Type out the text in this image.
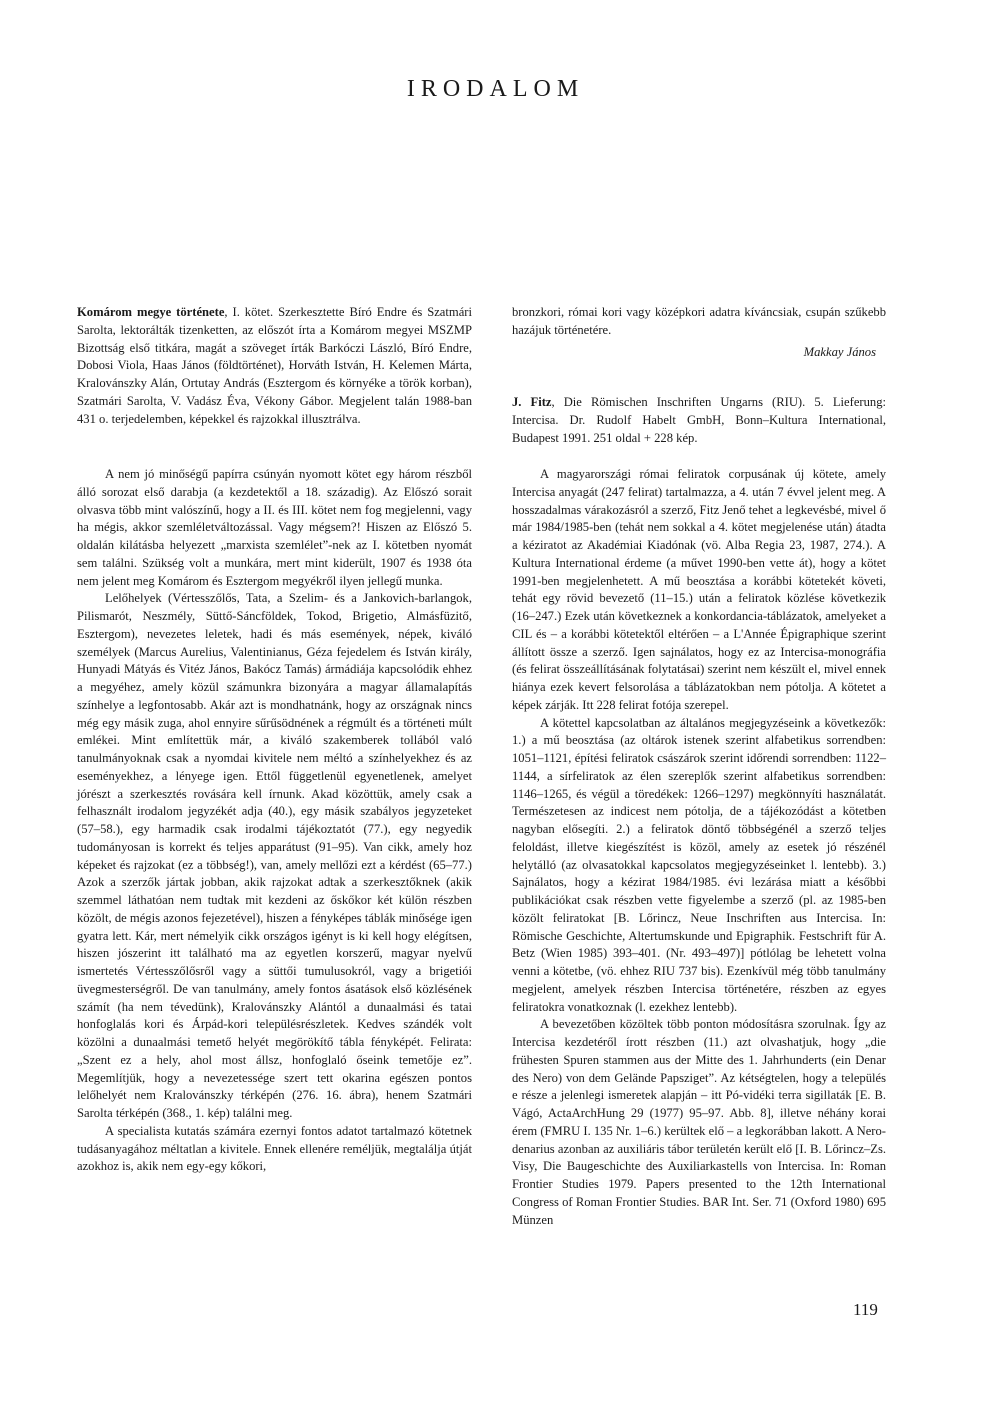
IRODALOM

Komárom megye története, I. kötet. Szerkesztette Bíró Endre és Szatmári Sarolta, lektorálták tizenketten, az előszót írta a Komárom megyei MSZMP Bizottság első titkára, magát a szöveget írták Barkóczi László, Bíró Endre, Dobosi Viola, Haas János (földtörténet), Horváth István, H. Kelemen Márta, Kralovánszky Alán, Ortutay András (Esztergom és környéke a török korban), Szatmári Sarolta, V. Vadász Éva, Vékony Gábor. Megjelent talán 1988-ban 431 o. terjedelemben, képekkel és rajzokkal illusztrálva.

A nem jó minőségű papírra csúnyán nyomott kötet egy három részből álló sorozat első darabja (a kezdetektől a 18. századig). Az Előszó sorait olvasva több mint valószínű, hogy a II. és III. kötet nem fog megjelenni, vagy ha mégis, akkor szemléletváltozással. Vagy mégsem?! Hiszen az Előszó 5. oldalán kilátásba helyezett „marxista szemlélet”-nek az I. kötetben nyomát sem találni. Szükség volt a munkára, mert mint kiderült, 1907 és 1938 óta nem jelent meg Komárom és Esztergom megyékről ilyen jellegű munka.

Lelőhelyek (Vértesszőlős, Tata, a Szelim- és a Jankovich-barlangok, Pilismarót, Neszmély, Süttő-Sáncföldek, Tokod, Brigetio, Almásfüzitő, Esztergom), nevezetes leletek, hadi és más események, népek, kiváló személyek (Marcus Aurelius, Valentinianus, Géza fejedelem és István király, Hunyadi Mátyás és Vitéz János, Bakócz Tamás) ármádiája kapcsolódik ehhez a megyéhez, amely közül számunkra bizonyára a magyar államalapítás színhelye a legfontosabb. Akár azt is mondhatnánk, hogy az országnak nincs még egy másik zuga, ahol ennyire sűrűsödnének a régmúlt és a történeti múlt emlékei. Mint említettük már, a kiváló szakemberek tollából való tanulmányoknak csak a nyomdai kivitele nem méltó a színhelyekhez és az eseményekhez, a lényege igen. Ettől függetlenül egyenetlenek, amelyet jórészt a szerkesztés rovására kell írnunk. Akad közöttük, amely csak a felhasznált irodalom jegyzékét adja (40.), egy másik szabályos jegyzeteket (57–58.), egy harmadik csak irodalmi tájékoztatót (77.), egy negyedik tudományosan is korrekt és teljes apparátust (91–95). Van cikk, amely hoz képeket és rajzokat (ez a többség!), van, amely mellőzi ezt a kérdést (65–77.) Azok a szerzők jártak jobban, akik rajzokat adtak a szerkesztőknek (akik szemmel láthatóan nem tudtak mit kezdeni az őskőkor két külön részben közölt, de mégis azonos fejezetével), hiszen a fényképes táblák minősége igen gyatra lett. Kár, mert némelyik cikk országos igényt is ki kell hogy elégítsen, hiszen jószerint itt található ma az egyetlen korszerű, magyar nyelvű ismertetés Vértesszőlősről vagy a süttői tumulusokról, vagy a brigetiói üvegmesterségről. De van tanulmány, amely fontos ásatások első közlésének számít (ha nem tévedünk), Kralovánszky Alántól a dunaalmási és tatai honfoglalás kori és Árpád-kori településrészletek. Kedves szándék volt közölni a dunaalmási temető helyét megörökítő tábla fényképét. Felirata: „Szent ez a hely, ahol most állsz, honfoglaló őseink temetője ez”. Megemlítjük, hogy a nevezetessége szert tett okarina egészen pontos lelőhelyét nem Kralovánszky térképén (276. 16. ábra), henem Szatmári Sarolta térképén (368., 1. kép) találni meg.

A specialista kutatás számára ezernyi fontos adatot tartalmazó kötetnek tudásanyagához méltatlan a kivitele. Ennek ellenére reméljük, megtalálja útját azokhoz is, akik nem egy-egy kőkori,

bronzkori, római kori vagy középkori adatra kíváncsiak, csupán szűkebb hazájuk történetére.

Makkay János

J. Fitz, Die Römischen Inschriften Ungarns (RIU). 5. Lieferung: Intercisa. Dr. Rudolf Habelt GmbH, Bonn–Kultura International, Budapest 1991. 251 oldal + 228 kép.

A magyarországi római feliratok corpusának új kötete, amely Intercisa anyagát (247 felirat) tartalmazza, a 4. után 7 évvel jelent meg. A hosszadalmas várakozásról a szerző, Fitz Jenő tehet a legkevésbé, mivel ő már 1984/1985-ben (tehát nem sokkal a 4. kötet megjelenése után) átadta a kéziratot az Akadémiai Kiadónak (vö. Alba Regia 23, 1987, 274.). A Kultura International érdeme (a művet 1990-ben vette át), hogy a kötet 1991-ben megjelenhetett. A mű beosztása a korábbi kötetekét követi, tehát egy rövid bevezető (11–15.) után a feliratok közlése következik (16–247.) Ezek után következnek a konkordancia-táblázatok, amelyeket a CIL és – a korábbi kötetektől eltérően – a L'Année Épigraphique szerint állított össze a szerző. Igen sajnálatos, hogy ez az Intercisa-monográfia (és felirat összeállításának folytatásai) szerint nem készült el, mivel ennek hiánya ezek kevert felsorolása a táblázatokban nem pótolja. A kötetet a képek zárják. Itt 228 felirat fotója szerepel.

A kötettel kapcsolatban az általános megjegyzéseink a következők: 1.) a mű beosztása (az oltárok istenek szerint alfabetikus sorrendben: 1051–1121, építési feliratok császárok szerint időrendi sorrendben: 1122–1144, a sírfeliratok az élen szereplők szerint alfabetikus sorrendben: 1146–1265, és végül a töredékek: 1266–1297) megkönnyíti használatát. Természetesen az indicest nem pótolja, de a tájékozódást a kötetben nagyban elősegíti. 2.) a feliratok döntő többségénél a szerző teljes feloldást, illetve kiegészítést is közöl, amely az esetek jó részénél helytálló (az olvasatokkal kapcsolatos megjegyzéseinket l. lentebb). 3.) Sajnálatos, hogy a kézirat 1984/1985. évi lezárása miatt a későbbi publikációkat csak részben vette figyelembe a szerző (pl. az 1985-ben közölt feliratokat [B. Lőrincz, Neue Inschriften aus Intercisa. In: Römische Geschichte, Altertumskunde und Epigraphik. Festschrift für A. Betz (Wien 1985) 393–401. (Nr. 493–497)] pótlólag be lehetett volna venni a kötetbe, (vö. ehhez RIU 737 bis). Ezenkívül még több tanulmány megjelent, amelyek részben Intercisa történetére, részben az egyes feliratokra vonatkoznak (l. ezekhez lentebb).

A bevezetőben közöltek több ponton módosításra szorulnak. Így az Intercisa kezdetéről írott részben (11.) azt olvashatjuk, hogy „die frühesten Spuren stammen aus der Mitte des 1. Jahrhunderts (ein Denar des Nero) von dem Gelände Papsziget”. Az kétségtelen, hogy a település e része a jelenlegi ismeretek alapján – itt Pó-vidéki terra sigillaták [E. B. Vágó, ActaArchHung 29 (1977) 95–97. Abb. 8], illetve néhány korai érem (FMRU I. 135 Nr. 1–6.) kerültek elő – a legkorábban lakott. A Nero-denarius azonban az auxiliáris tábor területén került elő [I. B. Lőrincz–Zs. Visy, Die Baugeschichte des Auxiliarkastells von Intercisa. In: Roman Frontier Studies 1979. Papers presented to the 12th International Congress of Roman Frontier Studies. BAR Int. Ser. 71 (Oxford 1980) 695 Münzen

119
